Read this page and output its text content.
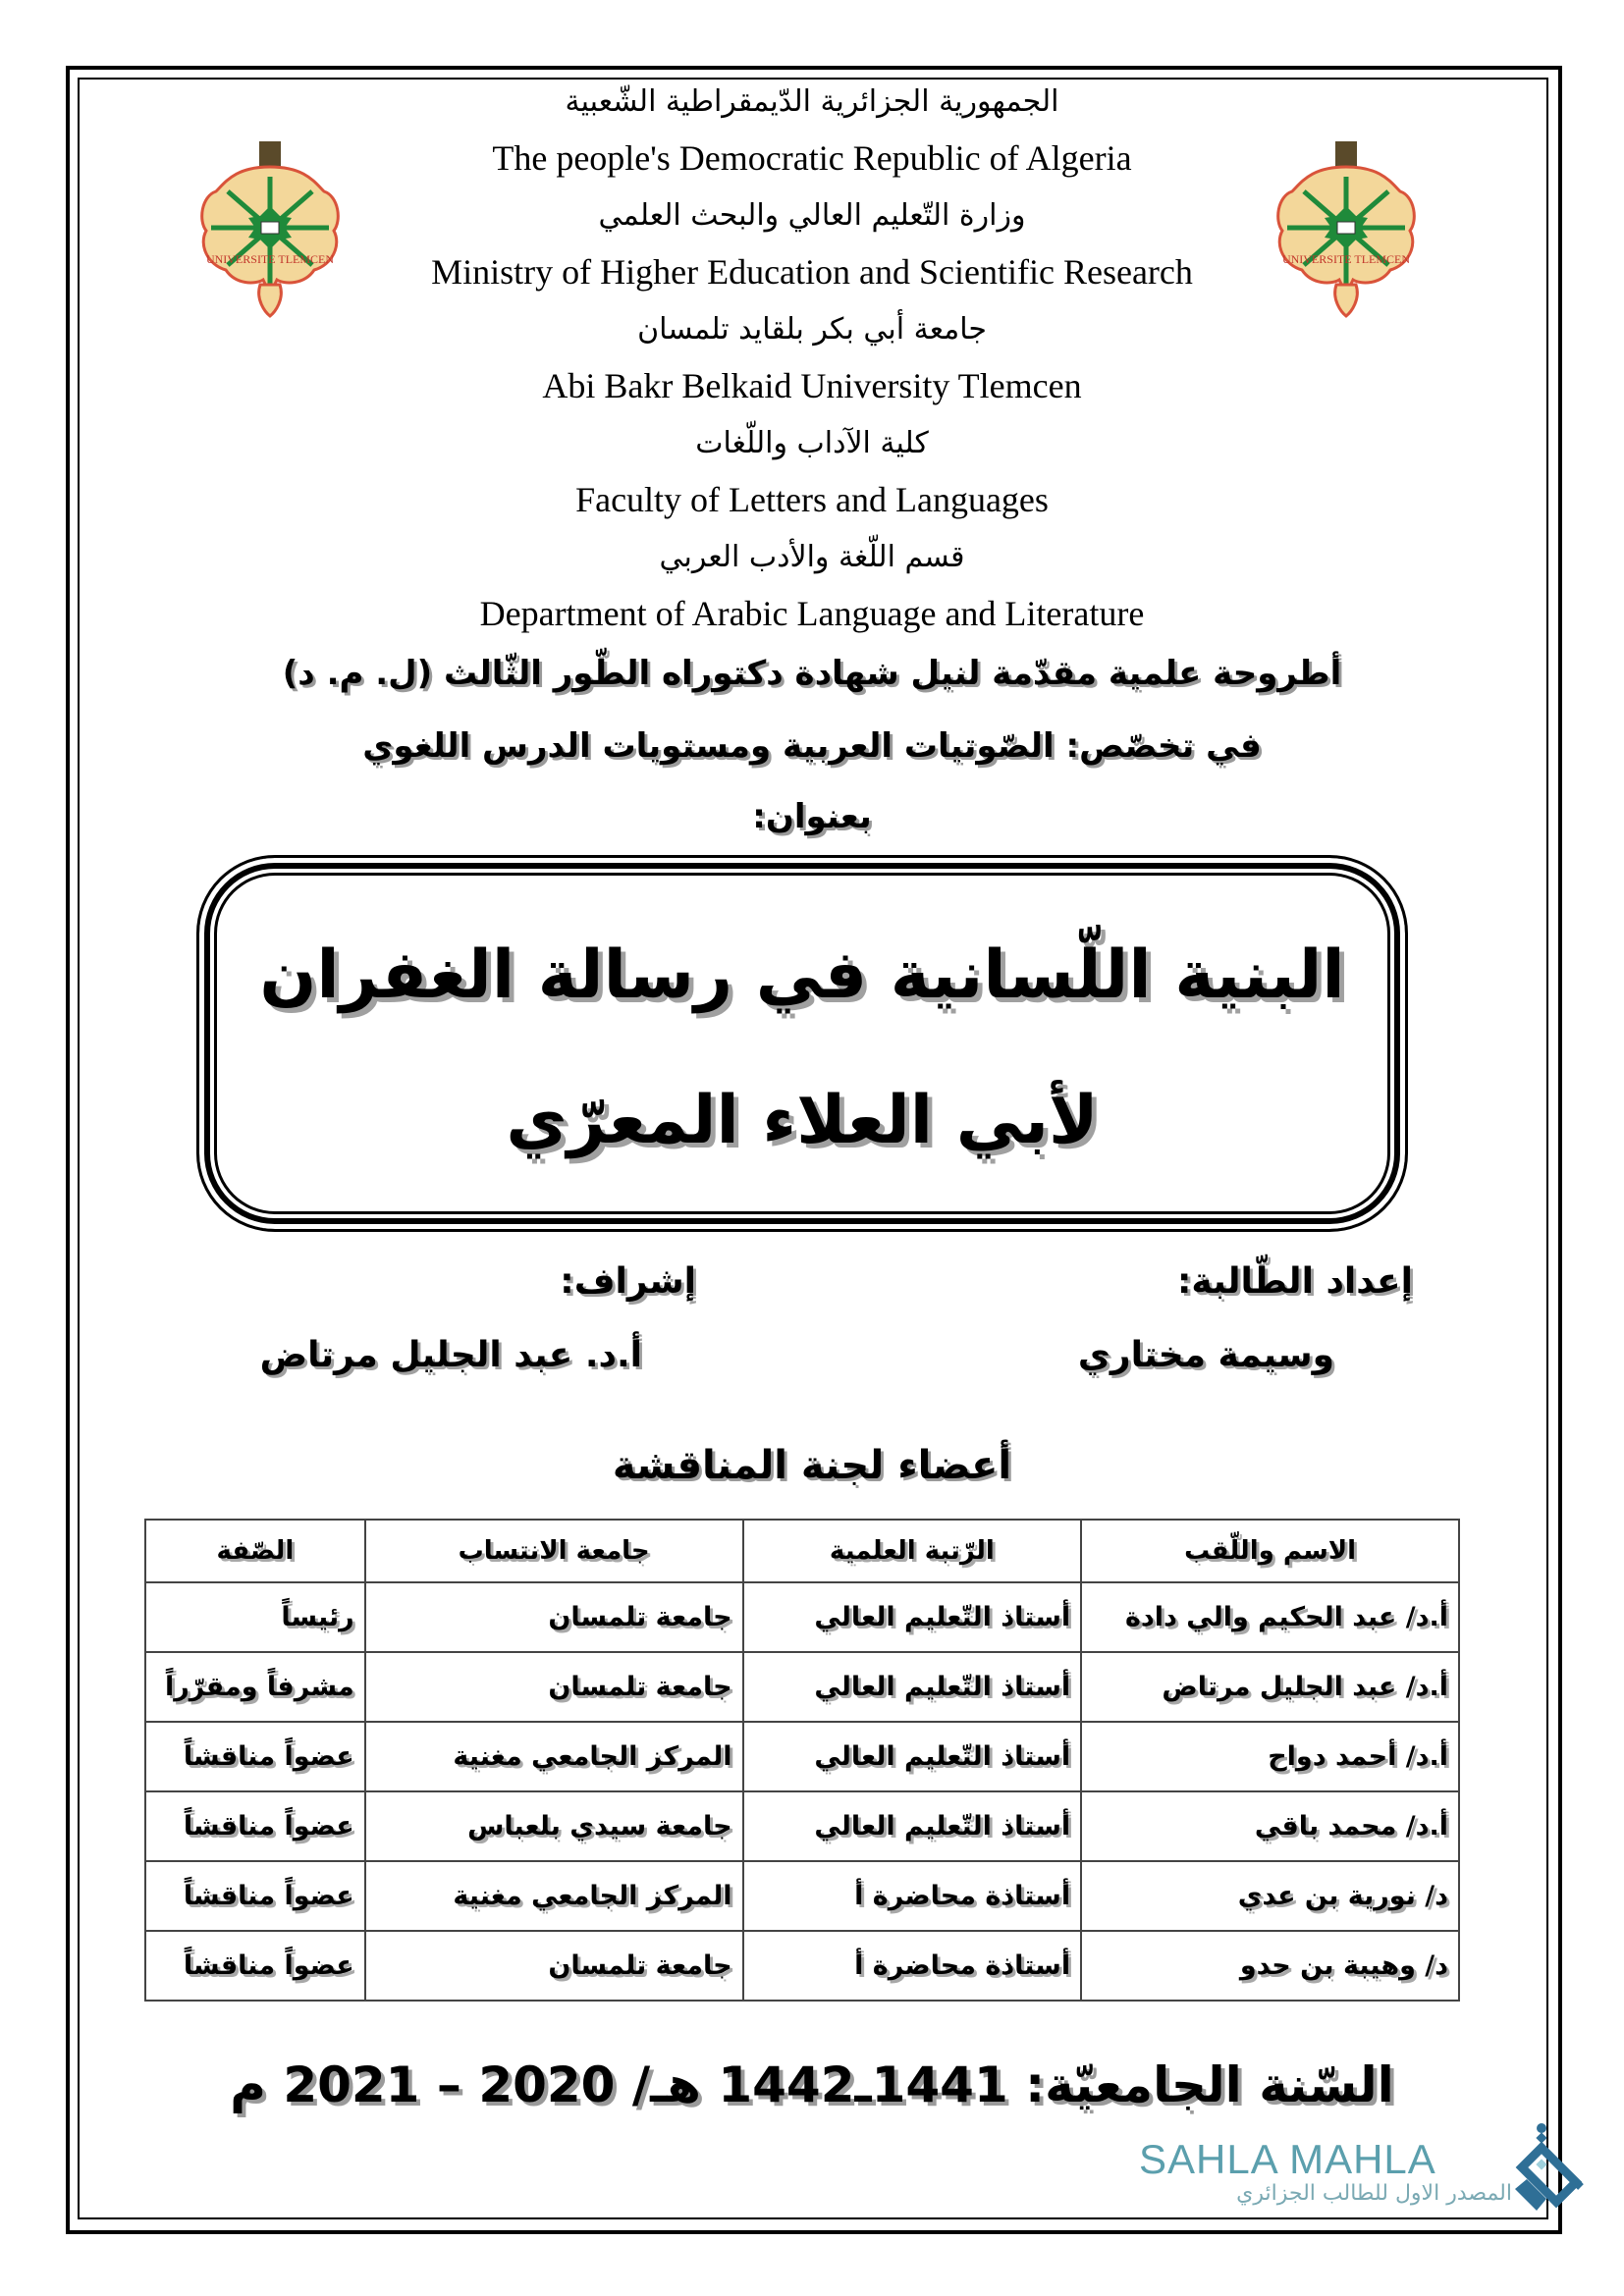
UNIVERSITE TLEMCEN	UNIVERSITE TLEMCEN
الجمهورية الجزائرية الدّيمقراطية الشّعبية
The people's Democratic Republic of Algeria
وزارة التّعليم العالي والبحث العلمي
Ministry of Higher Education and Scientific Research
جامعة أبي بكر بلقايد تلمسان
Abi Bakr Belkaid University Tlemcen
كلية الآداب واللّغات
Faculty of Letters and Languages
قسم اللّغة والأدب العربي
Department of Arabic Language and Literature
أطروحة علمية مقدّمة لنيل شهادة دكتوراه الطّور الثّالث (ل. م. د)
في تخصّص: الصّوتيات العربية ومستويات الدرس اللغوي
بعنوان:
البنية اللّسانية في رسالة الغفران
لأبي العلاء المعرّي
إعداد الطّالبة:
وسيمة مختاري
إشراف:
أ.د. عبد الجليل مرتاض
أعضاء لجنة المناقشة
الاسم واللّقب	الرّتبة العلمية	جامعة الانتساب	الصّفة
أ.د/ عبد الحكيم والي دادة	أستاذ التّعليم العالي	جامعة تلمسان	رئيساً
أ.د/ عبد الجليل مرتاض	أستاذ التّعليم العالي	جامعة تلمسان	مشرفاً ومقرّراً
أ.د/ أحمد دواح	أستاذ التّعليم العالي	المركز الجامعي مغنية	عضواً مناقشاً
أ.د/ محمد باقي	أستاذ التّعليم العالي	جامعة سيدي بلعباس	عضواً مناقشاً
د/ نورية بن عدي	أستاذة محاضرة أ	المركز الجامعي مغنية	عضواً مناقشاً
د/ وهيبة بن حدو	أستاذة محاضرة أ	جامعة تلمسان	عضواً مناقشاً
السّنة الجامعيّة: 1441ـ1442 هـ/ 2020 – 2021 م
SAHLA MAHLA
المصدر الاول للطالب الجزائري
